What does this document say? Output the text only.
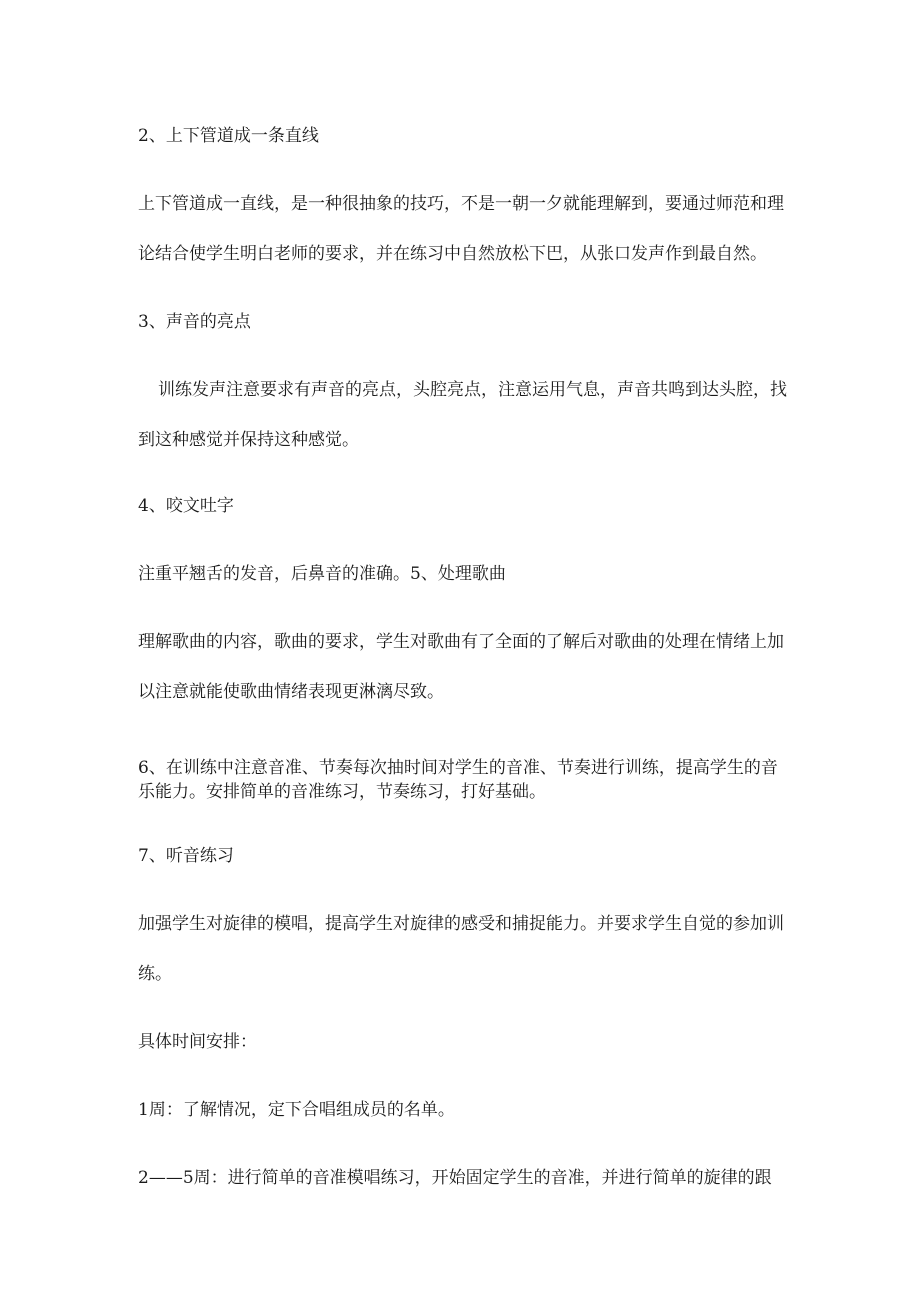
2、上下管道成一条直线
上下管道成一直线，是一种很抽象的技巧，不是一朝一夕就能理解到，要通过师范和理
论结合使学生明白老师的要求，并在练习中自然放松下巴，从张口发声作到最自然。
3、声音的亮点
训练发声注意要求有声音的亮点，头腔亮点，注意运用气息，声音共鸣到达头腔，找
到这种感觉并保持这种感觉。
4、咬文吐字
注重平翘舌的发音，后鼻音的准确。5、处理歌曲
理解歌曲的内容，歌曲的要求，学生对歌曲有了全面的了解后对歌曲的处理在情绪上加
以注意就能使歌曲情绪表现更淋漓尽致。
6、在训练中注意音准、节奏每次抽时间对学生的音准、节奏进行训练，提高学生的音
乐能力。安排简单的音准练习，节奏练习，打好基础。
7、听音练习
加强学生对旋律的模唱，提高学生对旋律的感受和捕捉能力。并要求学生自觉的参加训
练。
具体时间安排：
1周：了解情况，定下合唱组成员的名单。
2——5周：进行简单的音准模唱练习，开始固定学生的音准，并进行简单的旋律的跟
